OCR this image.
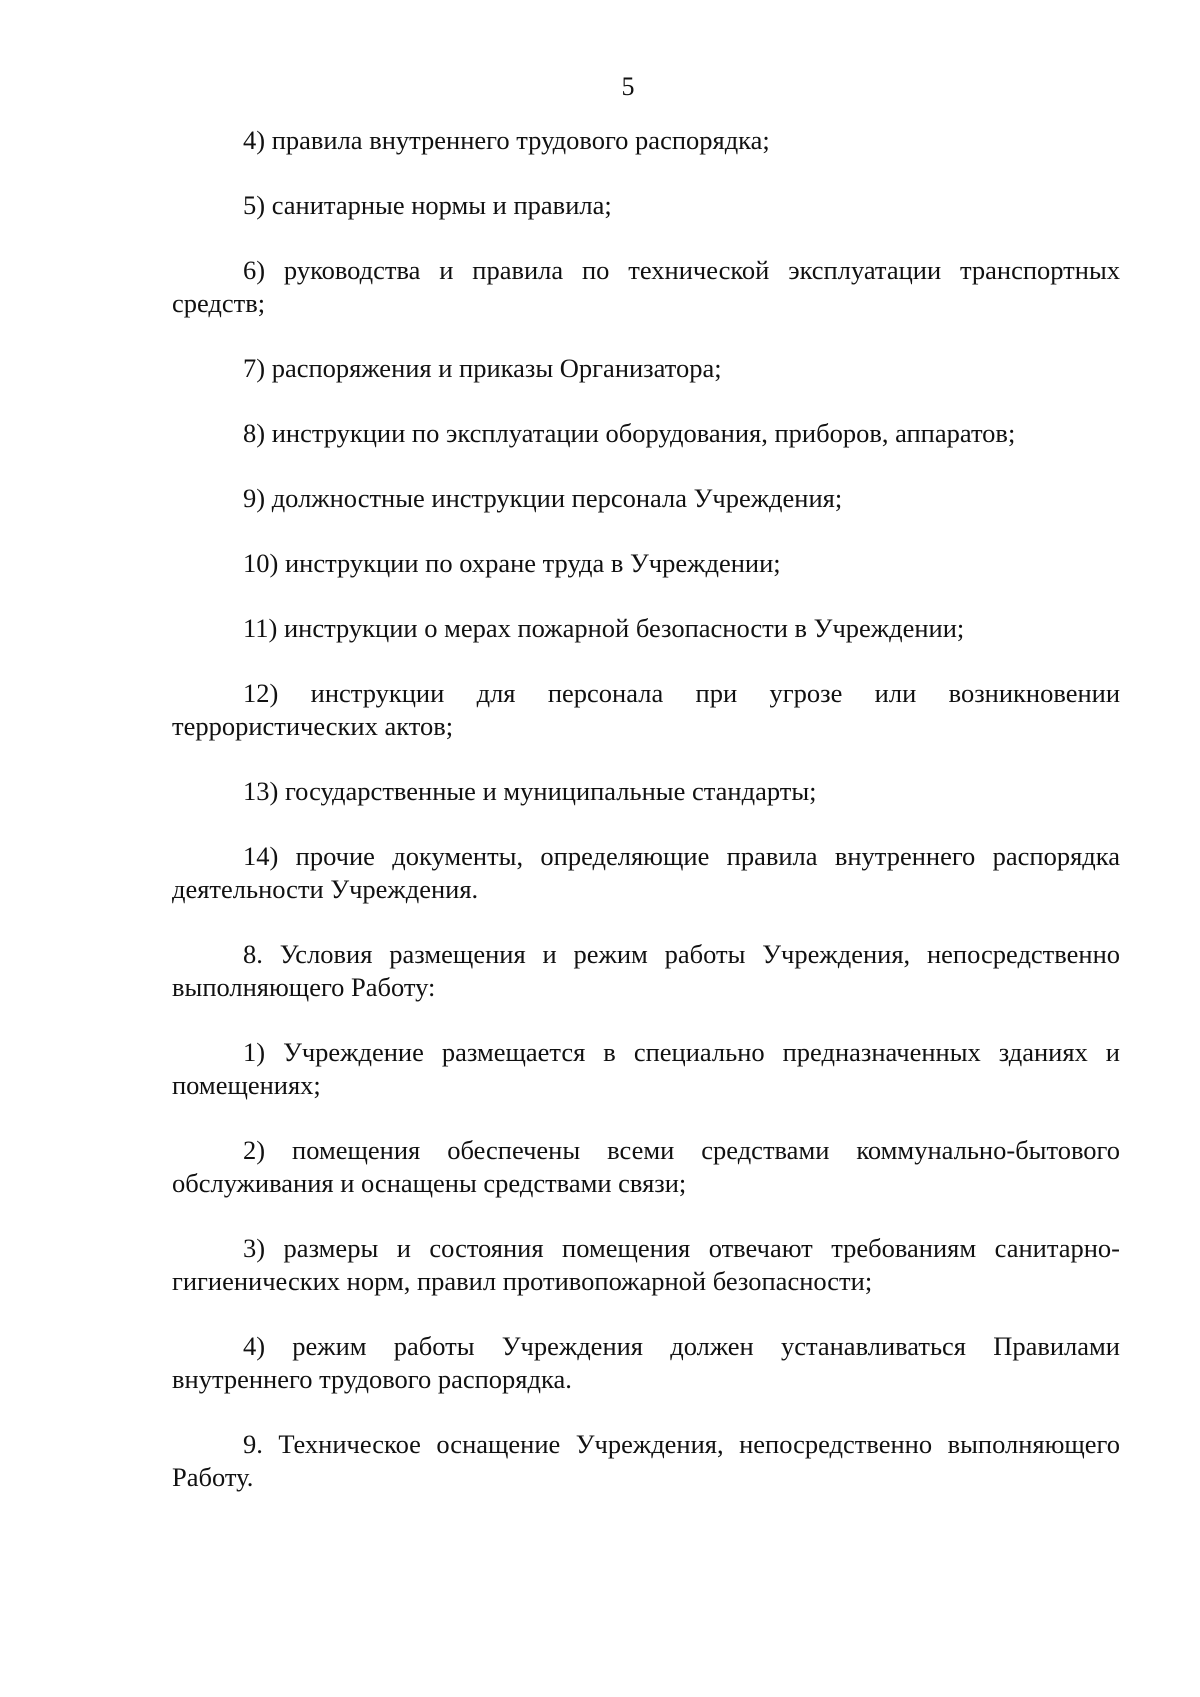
5

4) правила внутреннего трудового распорядка;

5) санитарные нормы и правила;

6) руководства и правила по технической эксплуатации транспортных средств;

7) распоряжения и приказы Организатора;

8) инструкции по эксплуатации оборудования, приборов, аппаратов;

9) должностные инструкции персонала Учреждения;

10) инструкции по охране труда в Учреждении;

11) инструкции о мерах пожарной безопасности в Учреждении;

12) инструкции для персонала при угрозе или возникновении террористических актов;

13) государственные и муниципальные стандарты;

14) прочие документы, определяющие правила внутреннего распорядка деятельности Учреждения.

8. Условия размещения и режим работы Учреждения, непосредственно выполняющего Работу:

1) Учреждение размещается в специально предназначенных зданиях и помещениях;

2) помещения обеспечены всеми средствами коммунально-бытового обслуживания и оснащены средствами связи;

3) размеры и состояния помещения отвечают требованиям санитарно-гигиенических норм, правил противопожарной безопасности;

4) режим работы Учреждения должен устанавливаться Правилами внутреннего трудового распорядка.

9. Техническое оснащение Учреждения, непосредственно выполняющего Работу.
